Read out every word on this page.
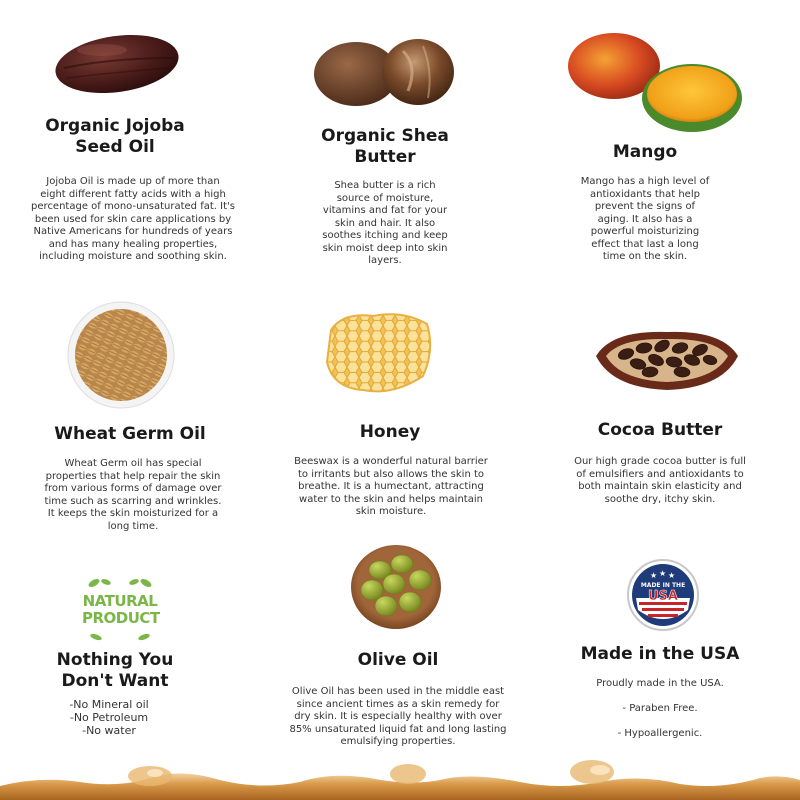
Organic Jojoba
Seed Oil
Jojoba Oil is made up of more than
eight different fatty acids with a high
percentage of mono-unsaturated fat. It's
been used for skin care applications by
Native Americans for hundreds of years
and has many healing properties,
including moisture and soothing skin.
Organic Shea
Butter
Shea butter is a rich
source of moisture,
vitamins and fat for your
skin and hair. It also
soothes itching and keep
skin moist deep into skin
layers.
Mango
Mango has a high level of
antioxidants that help
prevent the signs of
aging. It also has a
powerful moisturizing
effect that last a long
time on the skin.
Wheat Germ Oil
Wheat Germ oil has special
properties that help repair the skin
from various forms of damage over
time such as scarring and wrinkles.
It keeps the skin moisturized for a
long time.
Honey
Beeswax is a wonderful natural barrier
to irritants but also allows the skin to
breathe. It is a humectant, attracting
water to the skin and helps maintain
skin moisture.
Cocoa Butter
Our high grade cocoa butter is full
of emulsifiers and antioxidants to
both maintain skin elasticity and
soothe dry, itchy skin.
NATURAL
PRODUCT
★ ★ ★
MADE IN THE
USA
Nothing You
Don't Want
-No Mineral oil
-No Petroleum
-No water
Olive Oil
Olive Oil has been used in the middle east
since ancient times as a skin remedy for
dry skin. It is especially healthy with over
85% unsaturated liquid fat and long lasting
emulsifying properties.
Made in the USA
Proudly made in the USA.

- Paraben Free.

- Hypoallergenic.
